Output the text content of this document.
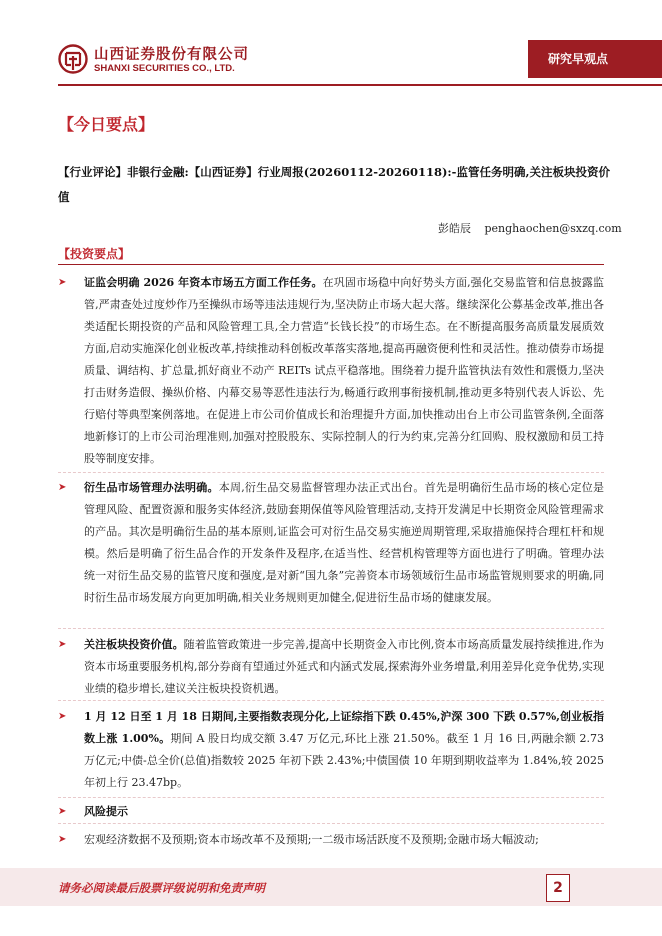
山西证券股份有限公司
SHANXI SECURITIES CO., LTD.
研究早观点
【今日要点】
【行业评论】非银行金融:【山西证券】行业周报(20260112-20260118):-监管任务明确,关注板块投资价值
彭皓辰 penghaochen@sxzq.com
【投资要点】
➤	证监会明确 2026 年资本市场五方面工作任务。在巩固市场稳中向好势头方面,强化交易监管和信息披露监管,严肃查处过度炒作乃至操纵市场等违法违规行为,坚决防止市场大起大落。继续深化公募基金改革,推出各类适配长期投资的产品和风险管理工具,全力营造“长钱长投”的市场生态。在不断提高服务高质量发展质效方面,启动实施深化创业板改革,持续推动科创板改革落实落地,提高再融资便利性和灵活性。推动债券市场提质量、调结构、扩总量,抓好商业不动产 REITs 试点平稳落地。围绕着力提升监管执法有效性和震慑力,坚决打击财务造假、操纵价格、内幕交易等恶性违法行为,畅通行政刑事衔接机制,推动更多特别代表人诉讼、先行赔付等典型案例落地。在促进上市公司价值成长和治理提升方面,加快推动出台上市公司监管条例,全面落地新修订的上市公司治理准则,加强对控股股东、实际控制人的行为约束,完善分红回购、股权激励和员工持股等制度安排。
➤	衍生品市场管理办法明确。本周,衍生品交易监督管理办法正式出台。首先是明确衍生品市场的核心定位是管理风险、配置资源和服务实体经济,鼓励套期保值等风险管理活动,支持开发满足中长期资金风险管理需求的产品。其次是明确衍生品的基本原则,证监会可对衍生品交易实施逆周期管理,采取措施保持合理杠杆和规模。然后是明确了衍生品合作的开发条件及程序,在适当性、经营机构管理等方面也进行了明确。管理办法统一对衍生品交易的监管尺度和强度,是对新“国九条”完善资本市场领域衍生品市场监管规则要求的明确,同时衍生品市场发展方向更加明确,相关业务规则更加健全,促进衍生品市场的健康发展。
➤	关注板块投资价值。随着监管政策进一步完善,提高中长期资金入市比例,资本市场高质量发展持续推进,作为资本市场重要服务机构,部分券商有望通过外延式和内涵式发展,探索海外业务增量,利用差异化竞争优势,实现业绩的稳步增长,建议关注板块投资机遇。
➤	1 月 12 日至 1 月 18 日期间,主要指数表现分化,上证综指下跌 0.45%,沪深 300 下跌 0.57%,创业板指数上涨 1.00%。期间 A 股日均成交额 3.47 万亿元,环比上涨 21.50%。截至 1 月 16 日,两融余额 2.73 万亿元;中债-总全价(总值)指数较 2025 年初下跌 2.43%;中债国债 10 年期到期收益率为 1.84%,较 2025 年初上行 23.47bp。
➤	风险提示
➤	宏观经济数据不及预期;资本市场改革不及预期;一二级市场活跃度不及预期;金融市场大幅波动;
请务必阅读最后股票评级说明和免责声明	2
